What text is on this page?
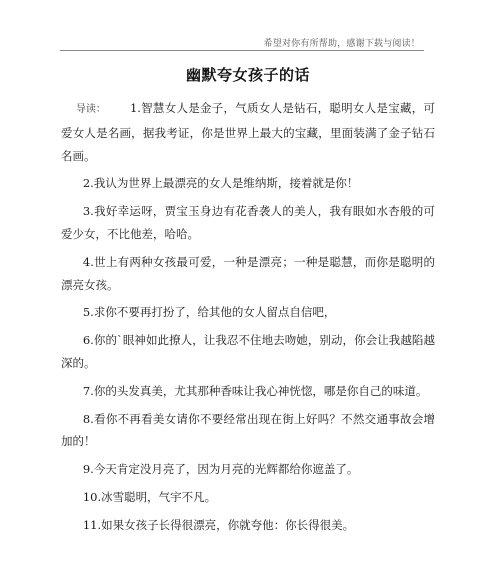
希望对你有所帮助，感谢下载与阅读！
幽默夸女孩子的话

导读： 1.智慧女人是金子，气质女人是钻石，聪明女人是宝藏，可爱女人是名画，据我考证，你是世界上最大的宝藏，里面装满了金子钻石名画。

2.我认为世界上最漂亮的女人是维纳斯，接着就是你！

3.我好幸运呀，贾宝玉身边有花香袭人的美人，我有眼如水杏般的可爱少女，不比他差，哈哈。

4.世上有两种女孩最可爱，一种是漂亮；一种是聪慧，而你是聪明的漂亮女孩。

5.求你不要再打扮了，给其他的女人留点自信吧，

6.你的`眼神如此撩人，让我忍不住地去吻她，别动，你会让我越陷越深的。

7.你的头发真美，尤其那种香味让我心神恍惚，哪是你自己的味道。

8.看你不再看美女请你不要经常出现在街上好吗？不然交通事故会增加的！

9.今天肯定没月亮了，因为月亮的光辉都给你遮盖了。

10.冰雪聪明，气宇不凡。

11.如果女孩子长得很漂亮，你就夸他：你长得很美。
